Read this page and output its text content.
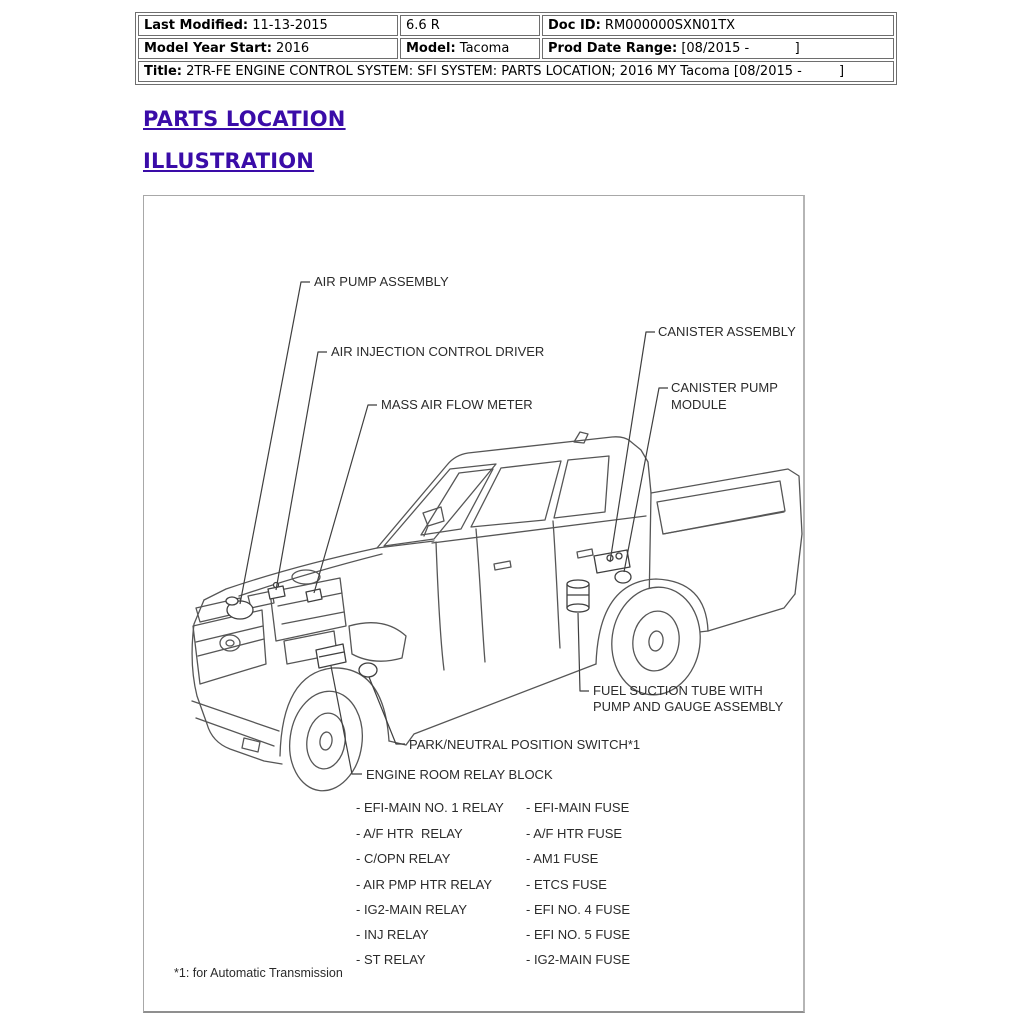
Last Modified: 11-13-2015	6.6 R	Doc ID: RM000000SXN01TX
Model Year Start: 2016	Model: Tacoma	Prod Date Range: [08/2015 -           ]
Title: 2TR-FE ENGINE CONTROL SYSTEM: SFI SYSTEM: PARTS LOCATION; 2016 MY Tacoma [08/2015 -         ]		
PARTS LOCATION
ILLUSTRATION
AIR PUMP ASSEMBLY
AIR INJECTION CONTROL DRIVER
MASS AIR FLOW METER
CANISTER ASSEMBLY
CANISTER PUMP
MODULE
FUEL SUCTION TUBE WITH
PUMP AND GAUGE ASSEMBLY
PARK/NEUTRAL POSITION SWITCH*1
ENGINE ROOM RELAY BLOCK
- EFI-MAIN NO. 1 RELAY
- A/F HTR  RELAY
- C/OPN RELAY
- AIR PMP HTR RELAY
- IG2-MAIN RELAY
- INJ RELAY
- ST RELAY
- EFI-MAIN FUSE
- A/F HTR FUSE
- AM1 FUSE
- ETCS FUSE
- EFI NO. 4 FUSE
- EFI NO. 5 FUSE
- IG2-MAIN FUSE
*1: for Automatic Transmission
